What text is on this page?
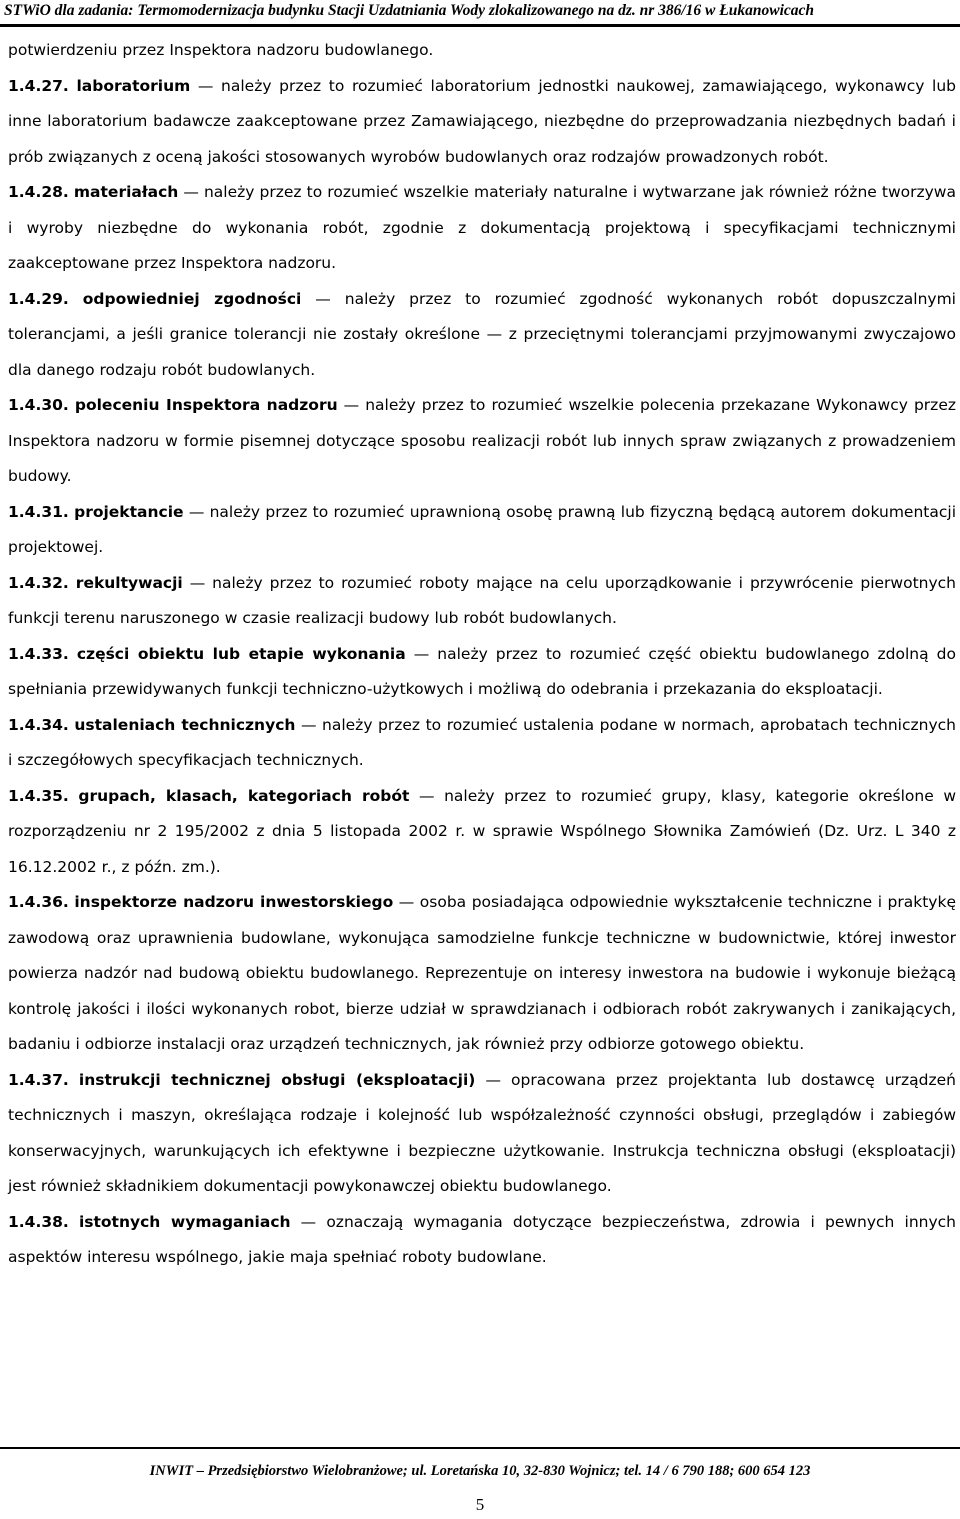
STWiO dla zadania: Termomodernizacja budynku Stacji Uzdatniania Wody zlokalizowanego na dz. nr 386/16 w Łukanowicach

potwierdzeniu przez Inspektora nadzoru budowlanego.

1.4.27. laboratorium — należy przez to rozumieć laboratorium jednostki naukowej, zamawiającego, wykonawcy lub inne laboratorium badawcze zaakceptowane przez Zamawiającego, niezbędne do przeprowadzania niezbędnych badań i prób związanych z oceną jakości stosowanych wyrobów budowlanych oraz rodzajów prowadzonych robót.

1.4.28. materiałach — należy przez to rozumieć wszelkie materiały naturalne i wytwarzane jak również różne tworzywa i wyroby niezbędne do wykonania robót, zgodnie z dokumentacją projektową i specyfikacjami technicznymi zaakceptowane przez Inspektora nadzoru.

1.4.29. odpowiedniej zgodności — należy przez to rozumieć zgodność wykonanych robót dopuszczalnymi tolerancjami, a jeśli granice tolerancji nie zostały określone — z przeciętnymi tolerancjami przyjmowanymi zwyczajowo dla danego rodzaju robót budowlanych.

1.4.30. poleceniu Inspektora nadzoru — należy przez to rozumieć wszelkie polecenia przekazane Wykonawcy przez Inspektora nadzoru w formie pisemnej dotyczące sposobu realizacji robót lub innych spraw związanych z prowadzeniem budowy.

1.4.31. projektancie — należy przez to rozumieć uprawnioną osobę prawną lub fizyczną będącą autorem dokumentacji projektowej.

1.4.32. rekultywacji — należy przez to rozumieć roboty mające na celu uporządkowanie i przywrócenie pierwotnych funkcji terenu naruszonego w czasie realizacji budowy lub robót budowlanych.

1.4.33. części obiektu lub etapie wykonania — należy przez to rozumieć część obiektu budowlanego zdolną do spełniania przewidywanych funkcji techniczno-użytkowych i możliwą do odebrania i przekazania do eksploatacji.

1.4.34. ustaleniach technicznych — należy przez to rozumieć ustalenia podane w normach, aprobatach technicznych i szczegółowych specyfikacjach technicznych.

1.4.35. grupach, klasach, kategoriach robót — należy przez to rozumieć grupy, klasy, kategorie określone w rozporządzeniu nr 2 195/2002 z dnia 5 listopada 2002 r. w sprawie Wspólnego Słownika Zamówień (Dz. Urz. L 340 z 16.12.2002 r., z późn. zm.).

1.4.36. inspektorze nadzoru inwestorskiego — osoba posiadająca odpowiednie wykształcenie techniczne i praktykę zawodową oraz uprawnienia budowlane, wykonująca samodzielne funkcje techniczne w budownictwie, której inwestor powierza nadzór nad budową obiektu budowlanego. Reprezentuje on interesy inwestora na budowie i wykonuje bieżącą kontrolę jakości i ilości wykonanych robot, bierze udział w sprawdzianach i odbiorach robót zakrywanych i zanikających, badaniu i odbiorze instalacji oraz urządzeń technicznych, jak również przy odbiorze gotowego obiektu.

1.4.37. instrukcji technicznej obsługi (eksploatacji) — opracowana przez projektanta lub dostawcę urządzeń technicznych i maszyn, określająca rodzaje i kolejność lub współzależność czynności obsługi, przeglądów i zabiegów konserwacyjnych, warunkujących ich efektywne i bezpieczne użytkowanie. Instrukcja techniczna obsługi (eksploatacji) jest również składnikiem dokumentacji powykonawczej obiektu budowlanego.

1.4.38. istotnych wymaganiach — oznaczają wymagania dotyczące bezpieczeństwa, zdrowia i pewnych innych aspektów interesu wspólnego, jakie maja spełniać roboty budowlane.

INWIT – Przedsiębiorstwo Wielobranżowe; ul. Loretańska 10, 32-830 Wojnicz; tel. 14 / 6 790 188; 600 654 123
5
